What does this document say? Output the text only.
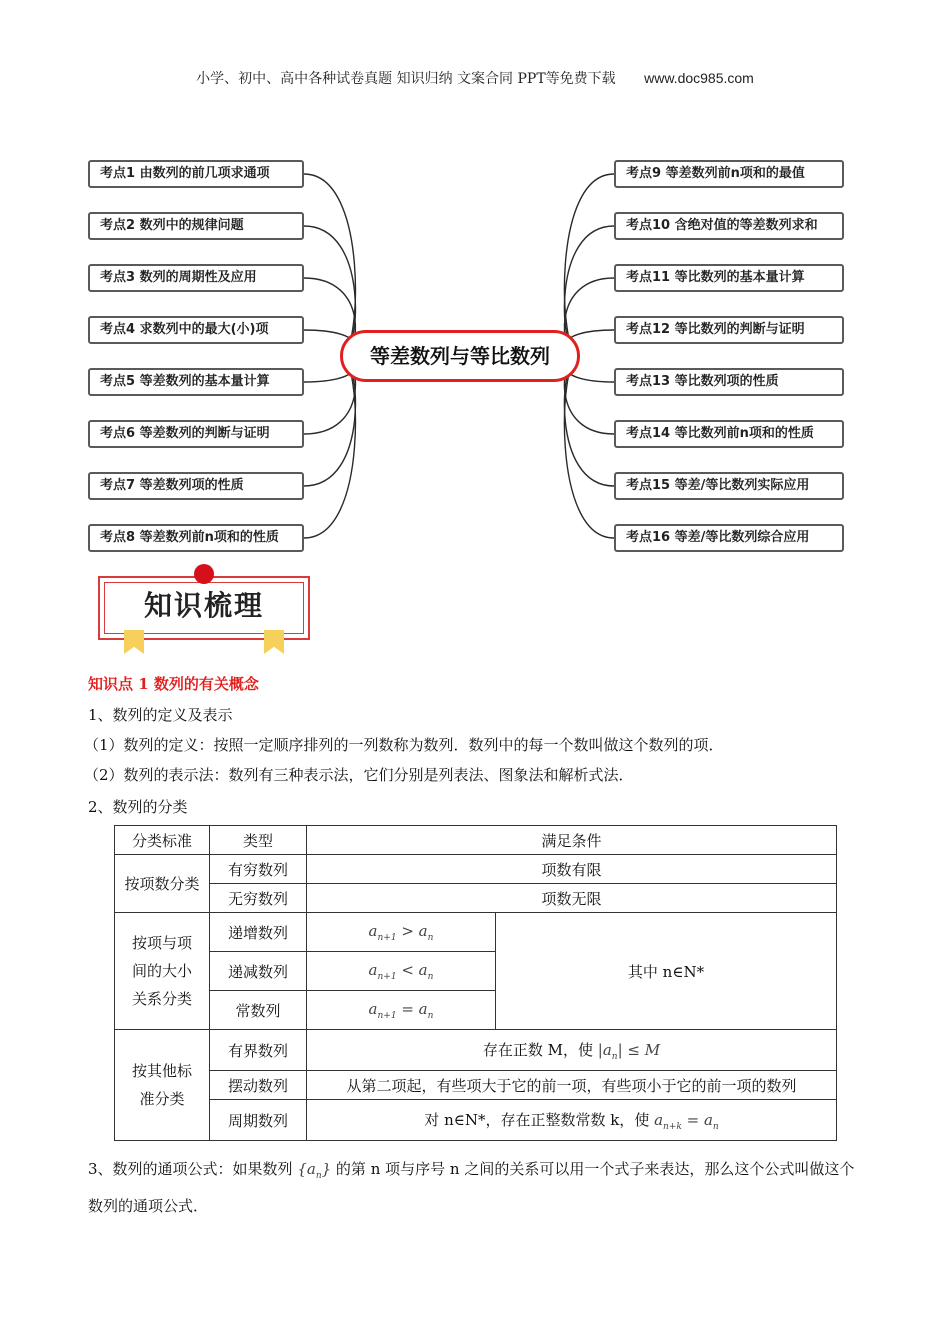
小学、初中、高中各种试卷真题 知识归纳 文案合同 PPT等免费下载 www.doc985.com
考点1 由数列的前几项求通项
考点2 数列中的规律问题
考点3 数列的周期性及应用
考点4 求数列中的最大(小)项
考点5 等差数列的基本量计算
考点6 等差数列的判断与证明
考点7 等差数列项的性质
考点8 等差数列前n项和的性质
考点9 等差数列前n项和的最值
考点10 含绝对值的等差数列求和
考点11 等比数列的基本量计算
考点12 等比数列的判断与证明
考点13 等比数列项的性质
考点14 等比数列前n项和的性质
考点15 等差/等比数列实际应用
考点16 等差/等比数列综合应用
等差数列与等比数列
知识梳理
知识点 1 数列的有关概念
1、数列的定义及表示
（1）数列的定义：按照一定顺序排列的一列数称为数列．数列中的每一个数叫做这个数列的项．
（2）数列的表示法：数列有三种表示法，它们分别是列表法、图象法和解析式法．
2、数列的分类
分类标准	类型	满足条件	
按项数分类	有穷数列	项数有限	
	无穷数列	项数无限	
按项与项间的大小关系分类	递增数列	$a_{n+1} > a_n$	其中 n∈N*
	递减数列	$a_{n+1} < a_n$
	常数列	$a_{n+1} = a_n$
按其他标准分类	有界数列	存在正数 M，使 $|a_n| \le M$	
	摆动数列	从第二项起，有些项大于它的前一项，有些项小于它的前一项的数列	
	周期数列	对 n∈N*，存在正整数常数 k，使 $a_{n+k} = a_n$
3、数列的通项公式：如果数列 $\{a_n\}$ 的第 n 项与序号 n 之间的关系可以用一个式子来表达，那么这个公式叫做这个数列的通项公式．
